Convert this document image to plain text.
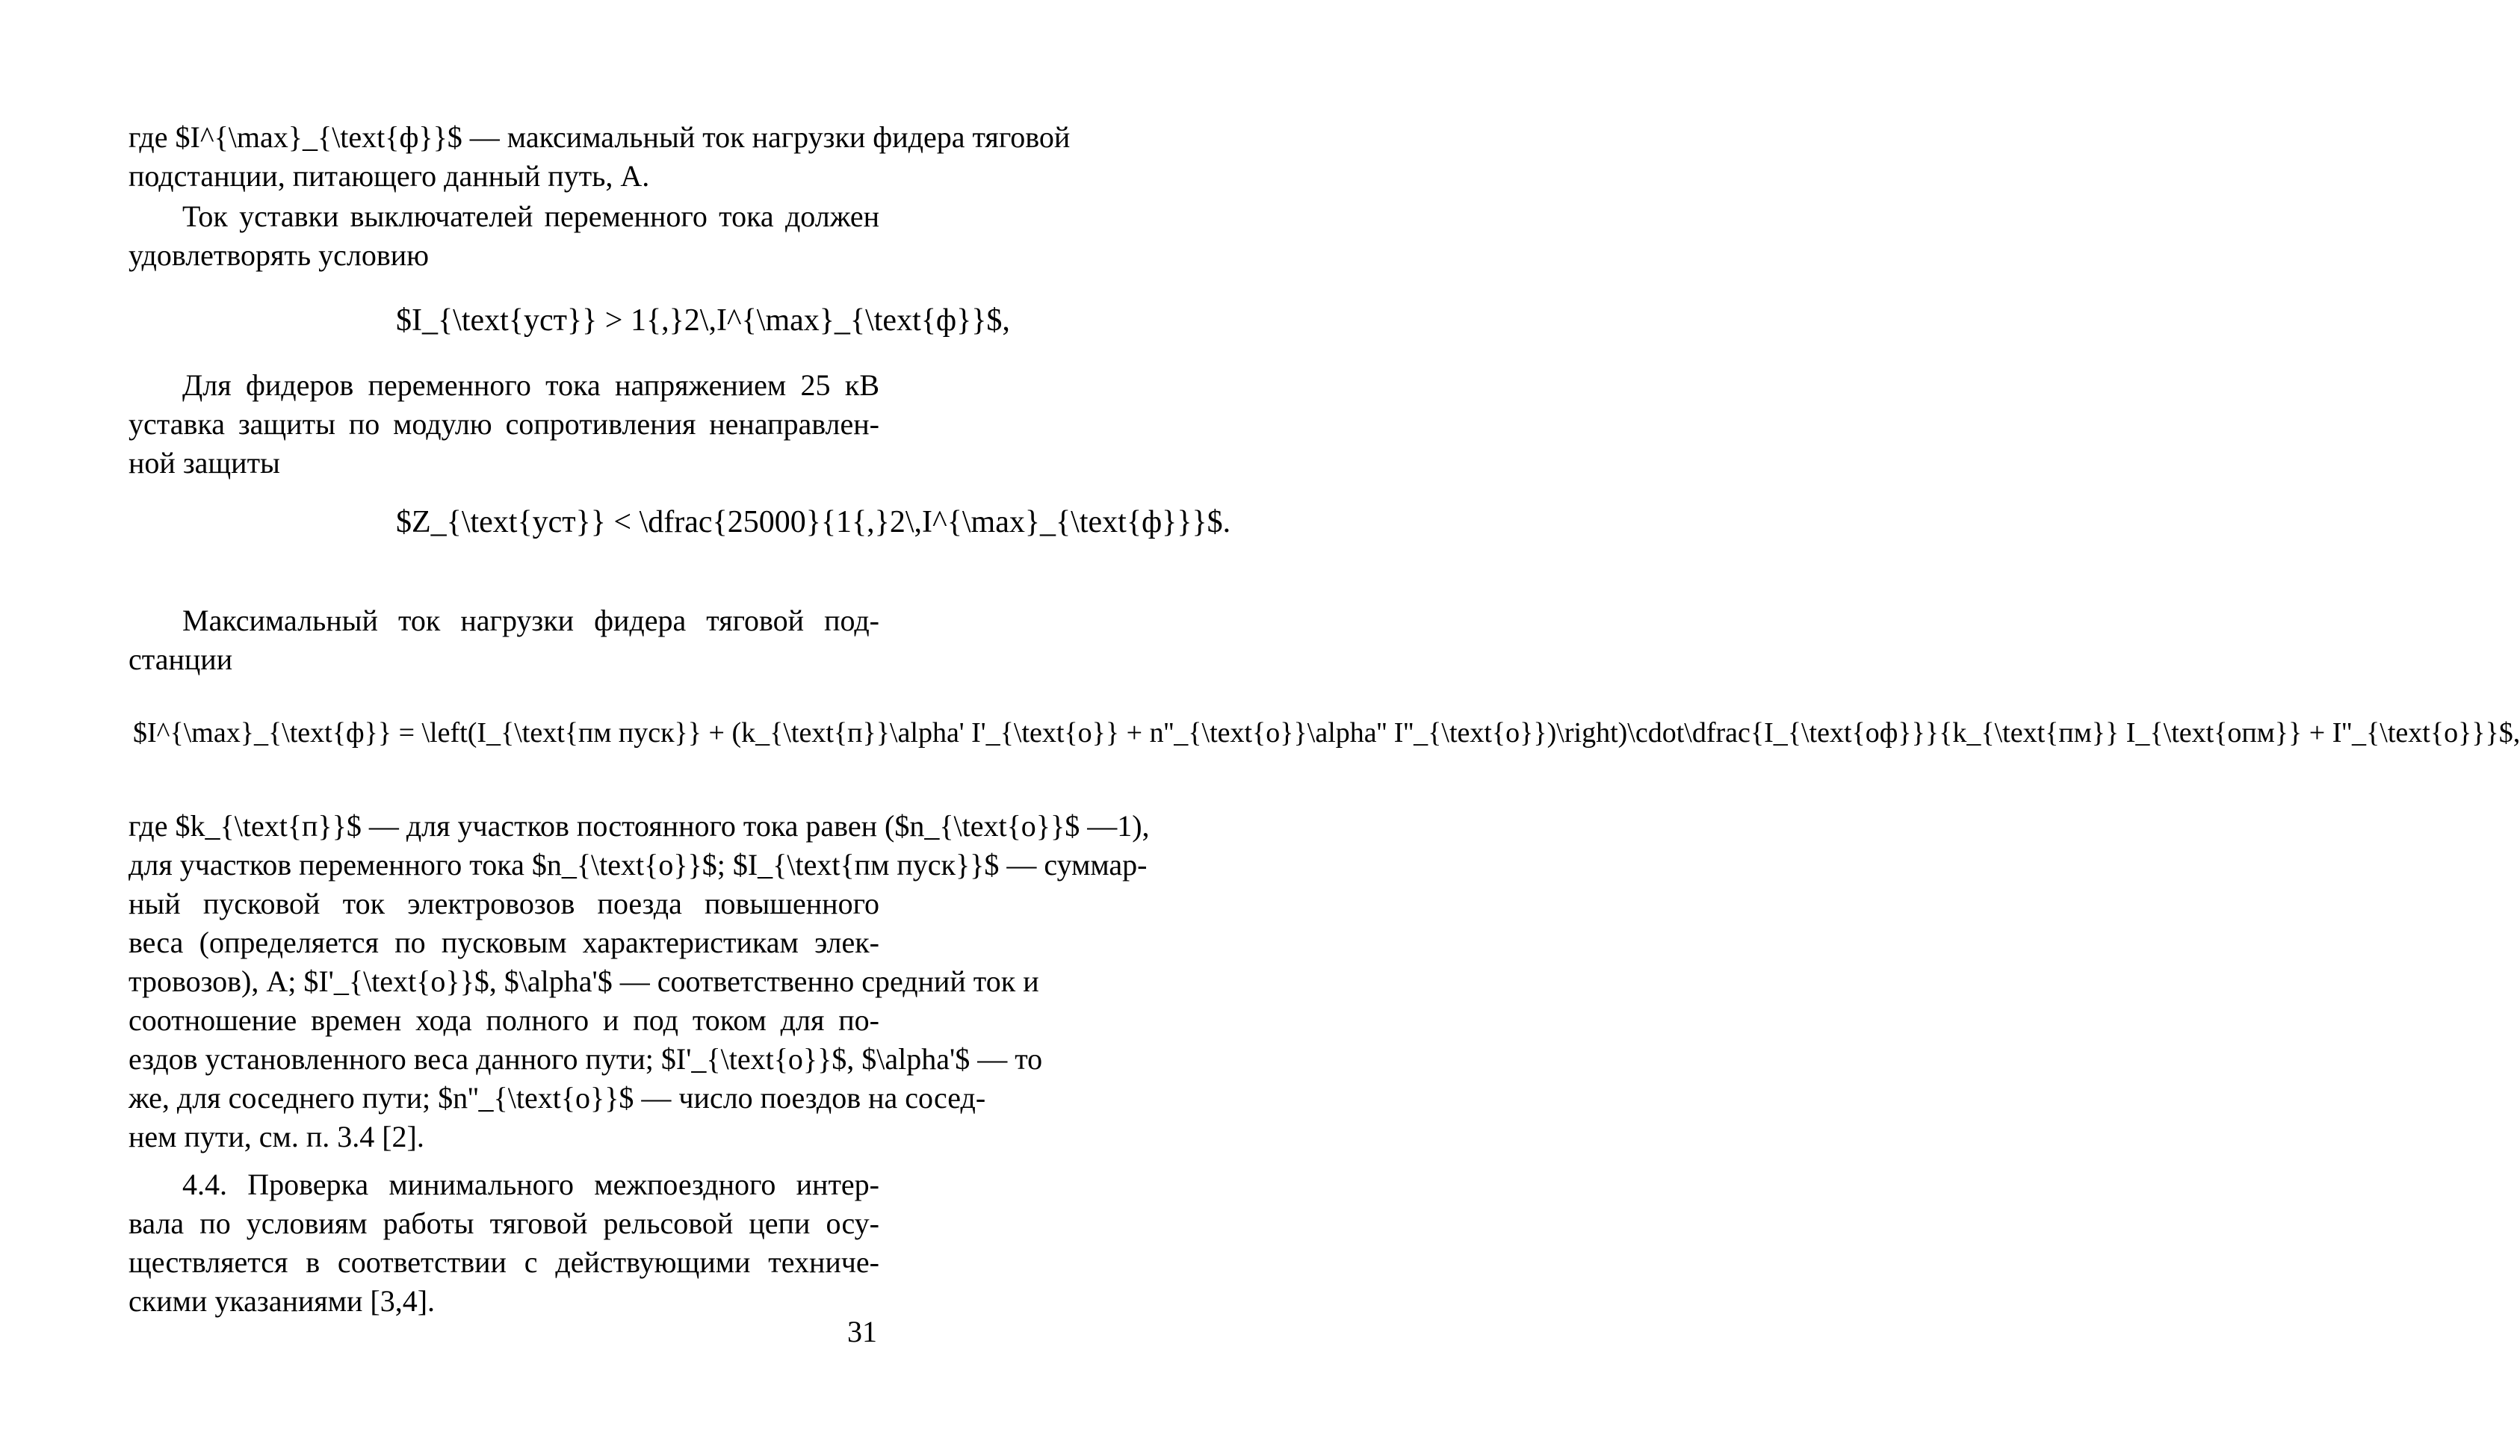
где $I^{\max}_{\text{ф}}$ — максимальный ток нагрузки фидера тяговой
подстанции, питающего данный путь, А.
Ток уставки выключателей переменного тока должен
удовлетворять условию
$I_{\text{уст}} > 1{,}2\,I^{\max}_{\text{ф}}$,
Для фидеров переменного тока напряжением 25 кВ
уставка защиты по модулю сопротивления ненаправлен-
ной защиты
$Z_{\text{уст}} < \dfrac{25000}{1{,}2\,I^{\max}_{\text{ф}}}$.
Максимальный ток нагрузки фидера тяговой под-
станции
$I^{\max}_{\text{ф}} = \left(I_{\text{пм пуск}} + (k_{\text{п}}\alpha' I'_{\text{о}} + n''_{\text{о}}\alpha'' I''_{\text{о}})\right)\cdot\dfrac{I_{\text{оф}}}{k_{\text{пм}} I_{\text{опм}} + I''_{\text{о}}}$,
где $k_{\text{п}}$ — для участков постоянного тока равен ($n_{\text{о}}$ —1),
для участков переменного тока $n_{\text{о}}$; $I_{\text{пм пуск}}$ — суммар-
ный пусковой ток электровозов поезда повышенного
веса (определяется по пусковым характеристикам элек-
тровозов), А; $I'_{\text{о}}$, $\alpha'$ — соответственно средний ток и
соотношение времен хода полного и под током для по-
ездов установленного веса данного пути; $I'_{\text{о}}$, $\alpha'$ — то
же, для соседнего пути; $n''_{\text{о}}$ — число поездов на сосед-
нем пути, см. п. 3.4 [2].
4.4. Проверка минимального межпоездного интер-
вала по условиям работы тяговой рельсовой цепи осу-
ществляется в соответствии с действующими техниче-
скими указаниями [3,4].
31
